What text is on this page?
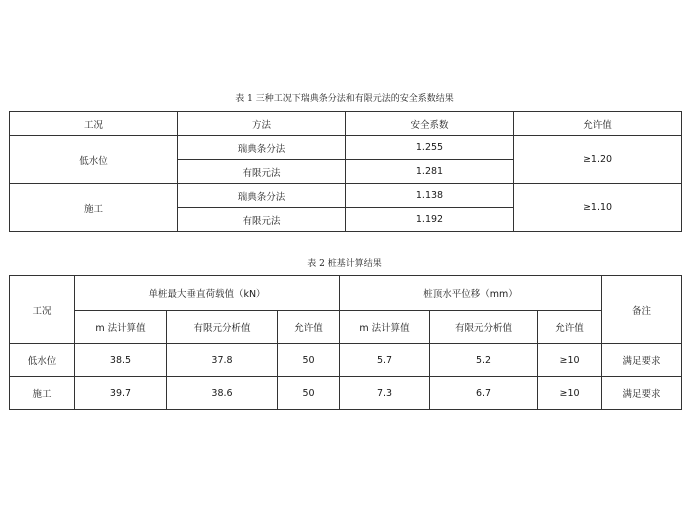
表 1 三种工况下瑞典条分法和有限元法的安全系数结果
工况	方法	安全系数	允许值
低水位	瑞典条分法	1.255	≥1.20
	有限元法	1.281	
施工	瑞典条分法	1.138	≥1.10
	有限元法	1.192	
表 2 桩基计算结果
工况	单桩最大垂直荷载值（kN）			桩顶水平位移（mm）			备注
	m 法计算值	有限元分析值	允许值	m 法计算值	有限元分析值	允许值	
低水位	38.5	37.8	50	5.7	5.2	≥10	满足要求
施工	39.7	38.6	50	7.3	6.7	≥10	满足要求
